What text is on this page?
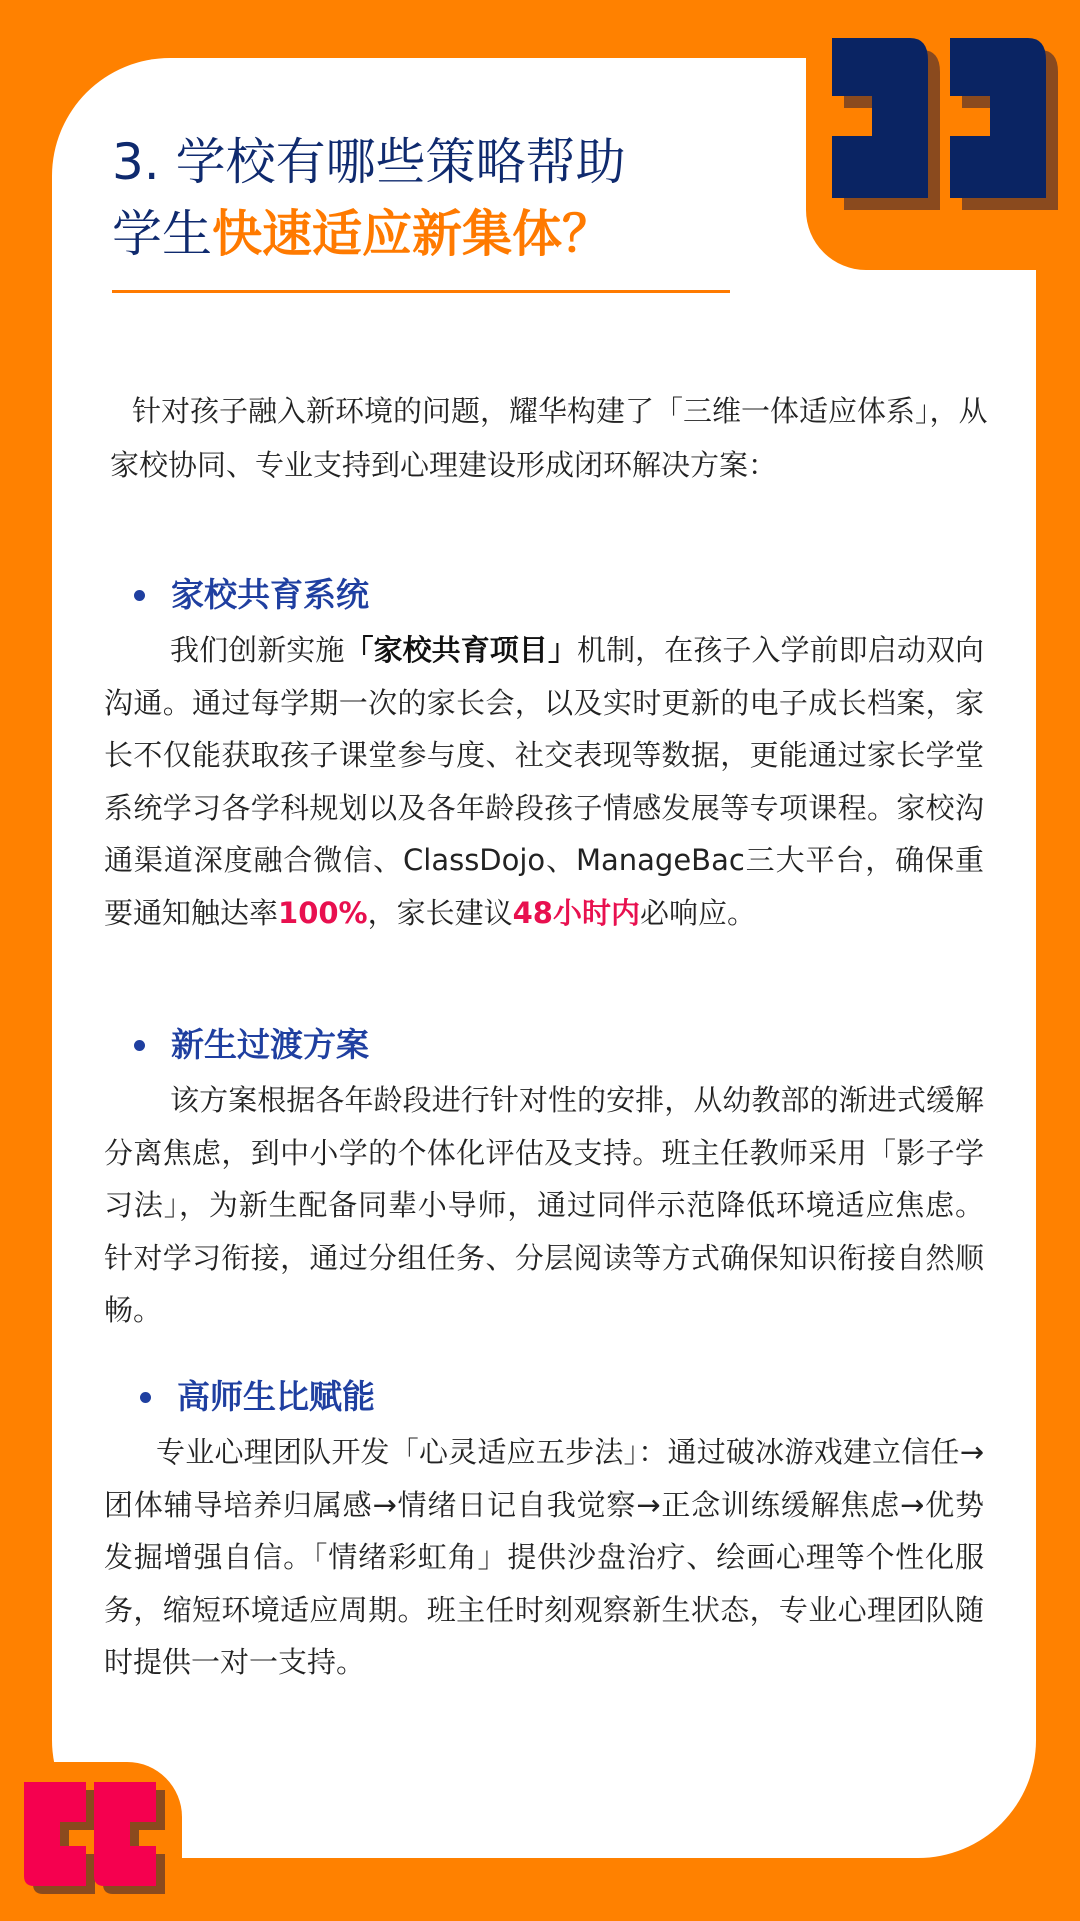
3. 学校有哪些策略帮助
学生快速适应新集体？

针对孩子融入新环境的问题，耀华构建了「三维一体适应体系」，从家校协同、专业支持到心理建设形成闭环解决方案：

家校共育系统

我们创新实施「家校共育项目」机制，在孩子入学前即启动双向沟通。通过每学期一次的家长会，以及实时更新的电子成长档案，家长不仅能获取孩子课堂参与度、社交表现等数据，更能通过家长学堂系统学习各学科规划以及各年龄段孩子情感发展等专项课程。家校沟通渠道深度融合微信、ClassDojo、ManageBac三大平台，确保重要通知触达率100%，家长建议48小时内必响应。

新生过渡方案

该方案根据各年龄段进行针对性的安排，从幼教部的渐进式缓解分离焦虑，到中小学的个体化评估及支持。班主任教师采用「影子学习法」，为新生配备同辈小导师，通过同伴示范降低环境适应焦虑。针对学习衔接，通过分组任务、分层阅读等方式确保知识衔接自然顺畅。

高师生比赋能

专业心理团队开发「心灵适应五步法」：通过破冰游戏建立信任→团体辅导培养归属感→情绪日记自我觉察→正念训练缓解焦虑→优势发掘增强自信。「情绪彩虹角」提供沙盘治疗、绘画心理等个性化服务，缩短环境适应周期。班主任时刻观察新生状态，专业心理团队随时提供一对一支持。
